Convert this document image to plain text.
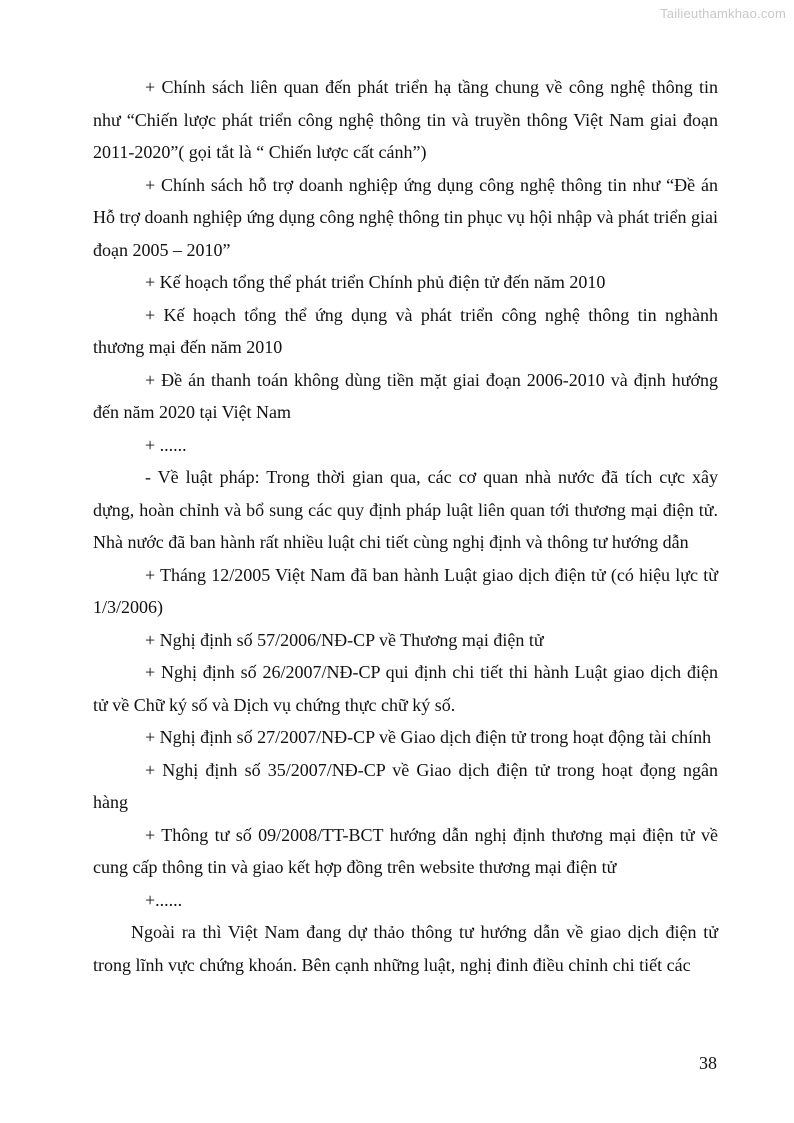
Tailieuthamkhao.com

+ Chính sách liên quan đến phát triển hạ tầng chung về công nghệ thông tin như “Chiến lược phát triển công nghệ thông tin và truyền thông Việt Nam giai đoạn 2011-2020”( gọi tắt là “ Chiến lược cất cánh”)

+ Chính sách hỗ trợ doanh nghiệp ứng dụng công nghệ thông tin như “Đề án Hỗ trợ doanh nghiệp ứng dụng công nghệ thông tin phục vụ hội nhập và phát triển giai đoạn 2005 – 2010”

+ Kế hoạch tổng thể phát triển Chính phủ điện tử đến năm 2010

+ Kế hoạch tổng thể ứng dụng và phát triển công nghệ thông tin nghành thương mại đến năm 2010

+ Đề án thanh toán không dùng tiền mặt giai đoạn 2006-2010 và định hướng đến năm 2020 tại Việt Nam

+ ......

- Về luật pháp: Trong thời gian qua, các cơ quan nhà nước đã tích cực xây dựng, hoàn chỉnh và bổ sung các quy định pháp luật liên quan tới thương mại điện tử. Nhà nước đã ban hành rất nhiều luật chi tiết cùng nghị định và thông tư hướng dẫn

+ Tháng 12/2005 Việt Nam đã ban hành Luật giao dịch điện tử (có hiệu lực từ 1/3/2006)

+ Nghị định số 57/2006/NĐ-CP về Thương mại điện tử

+ Nghị định số 26/2007/NĐ-CP qui định chi tiết thi hành Luật giao dịch điện tử về Chữ ký số và Dịch vụ chứng thực chữ ký số.

+ Nghị định số 27/2007/NĐ-CP về Giao dịch điện tử trong hoạt động tài chính

+ Nghị định số 35/2007/NĐ-CP về Giao dịch điện tử trong hoạt đọng ngân hàng

+ Thông tư số 09/2008/TT-BCT hướng dẫn nghị định thương mại điện tử về cung cấp thông tin và giao kết hợp đồng trên website thương mại điện tử

+......

Ngoài ra thì Việt Nam đang dự thảo thông tư hướng dẫn về giao dịch điện tử trong lĩnh vực chứng khoán. Bên cạnh những luật, nghị đinh điều chỉnh chi tiết các

38
